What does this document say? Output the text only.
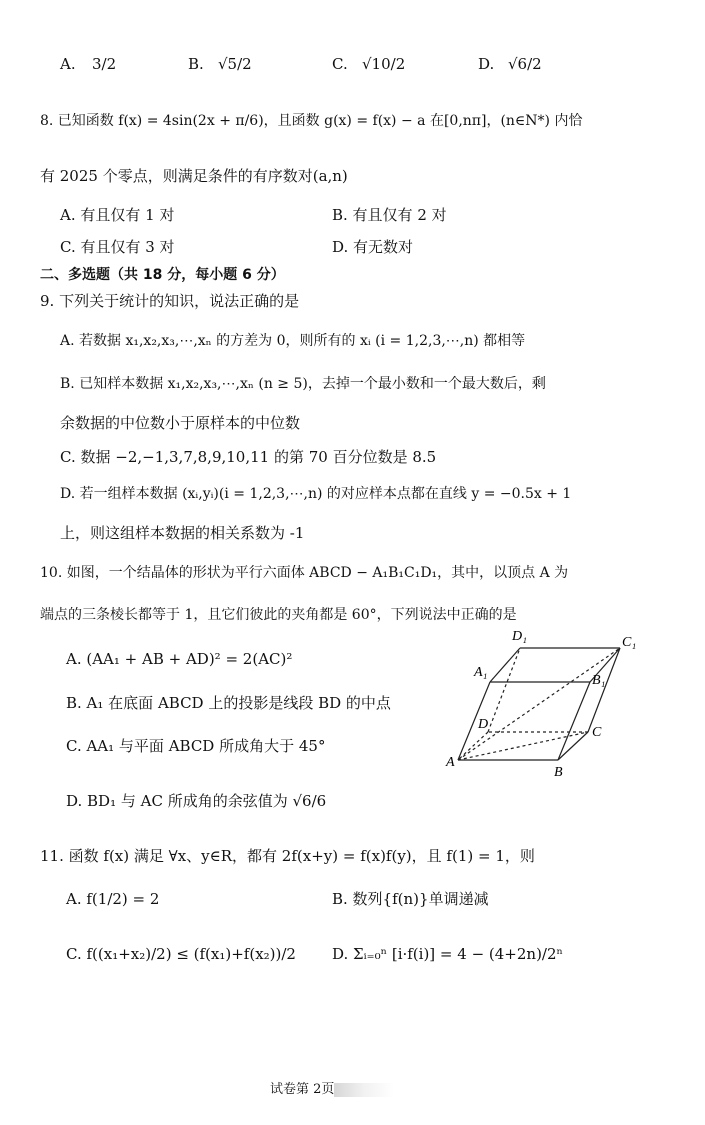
A. 3/2	B. √5/2	C. √10/2	D. √6/2
8. 已知函数 f(x) = 4sin(2x + π/6)，且函数 g(x) = f(x) − a 在[0,nπ]，(n∈N*) 内恰
有 2025 个零点，则满足条件的有序数对(a,n)
A. 有且仅有 1 对	B. 有且仅有 2 对
C. 有且仅有 3 对	D. 有无数对
二、多选题（共 18 分，每小题 6 分）
9. 下列关于统计的知识，说法正确的是
A. 若数据 x₁,x₂,x₃,⋯,xₙ 的方差为 0，则所有的 xᵢ (i = 1,2,3,⋯,n) 都相等
B. 已知样本数据 x₁,x₂,x₃,⋯,xₙ (n ≥ 5)，去掉一个最小数和一个最大数后，剩
余数据的中位数小于原样本的中位数
C. 数据 −2,−1,3,7,8,9,10,11 的第 70 百分位数是 8.5
D. 若一组样本数据 (xᵢ,yᵢ)(i = 1,2,3,⋯,n) 的对应样本点都在直线 y = −0.5x + 1
上，则这组样本数据的相关系数为 -1
10. 如图，一个结晶体的形状为平行六面体 ABCD − A₁B₁C₁D₁，其中，以顶点 A 为
端点的三条棱长都等于 1，且它们彼此的夹角都是 60°，下列说法中正确的是
A. (AA₁ + AB + AD)² = 2(AC)²
B. A₁ 在底面 ABCD 上的投影是线段 BD 的中点
C. AA₁ 与平面 ABCD 所成角大于 45°
D. BD₁ 与 AC 所成角的余弦值为 √6/6
A
B
C
D
A₁
B₁
C₁
D₁
11. 函数 f(x) 满足 ∀x、y∈R，都有 2f(x+y) = f(x)f(y)，且 f(1) = 1，则
A. f(1/2) = 2	B. 数列{f(n)}单调递减
C. f((x₁+x₂)/2) ≤ (f(x₁)+f(x₂))/2 D. Σᵢ₌₀ⁿ [i·f(i)] = 4 − (4+2n)/2ⁿ
试卷第 2页
